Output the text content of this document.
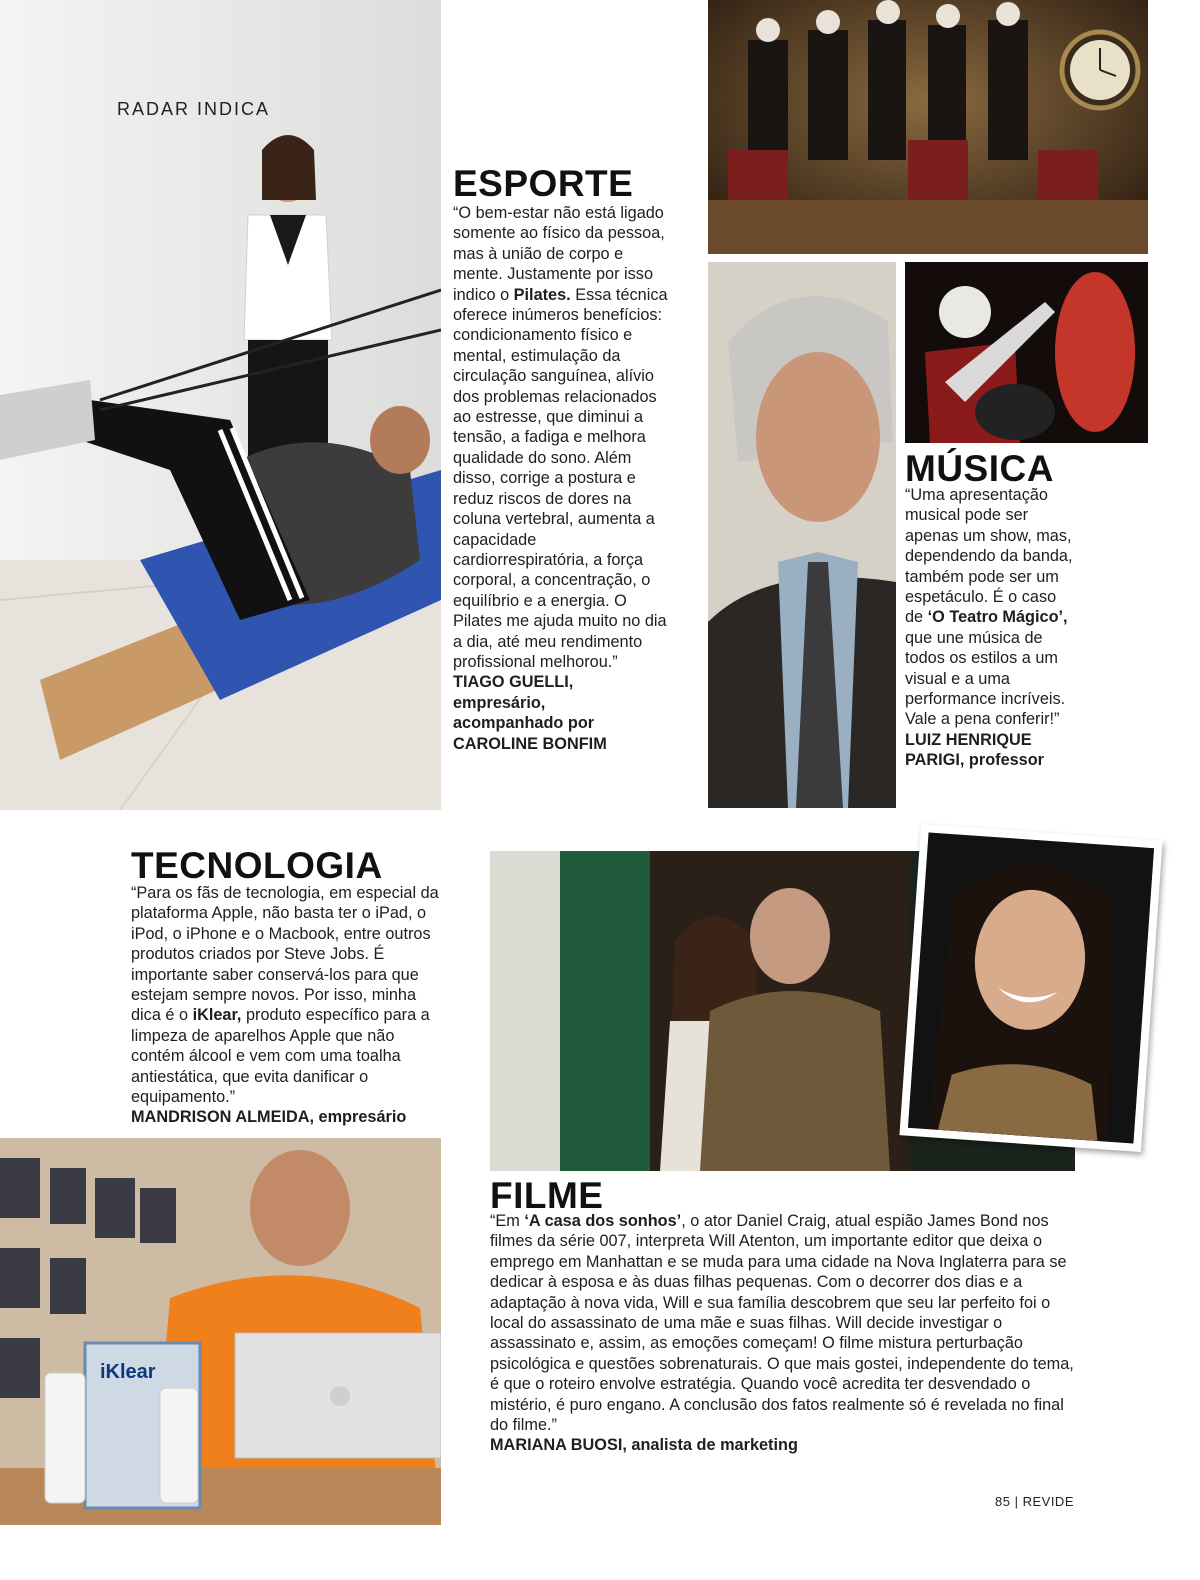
RADAR INDICA
ESPORTE
“O bem-estar não está ligado somente ao físico da pessoa, mas à união de corpo e mente. Justamente por isso indico o Pilates. Essa técnica oferece inúmeros benefícios: condicionamento físico e mental, estimulação da circulação sanguínea, alívio dos problemas relacionados ao estresse, que diminui a tensão, a fadiga e melhora qualidade do sono. Além disso, corrige a postura e reduz riscos de dores na coluna vertebral, aumenta a capacidade cardiorrespiratória, a força corporal, a concentração, o equilíbrio e a energia. O Pilates me ajuda muito no dia a dia, até meu rendimento profissional melhorou.”
TIAGO GUELLI, empresário, acompanhado por CAROLINE BONFIM
MÚSICA
“Uma apresentação musical pode ser apenas um show, mas, dependendo da banda, também pode ser um espetáculo. É o caso de ‘O Teatro Mágico’, que une música de todos os estilos a um visual e a uma performance incríveis. Vale a pena conferir!”
LUIZ HENRIQUE PARIGI, professor
TECNOLOGIA
“Para os fãs de tecnologia, em especial da plataforma Apple, não basta ter o iPad, o iPod, o iPhone e o Macbook, entre outros produtos criados por Steve Jobs. É importante saber conservá-los para que estejam sempre novos. Por isso, minha dica é o iKlear, produto específico para a limpeza de aparelhos Apple que não contém álcool e vem com uma toalha antiestática, que evita danificar o equipamento.”
MANDRISON ALMEIDA, empresário
iKlear
FILME
“Em ‘A casa dos sonhos’, o ator Daniel Craig, atual espião James Bond nos filmes da série 007, interpreta Will Atenton, um importante editor que deixa o emprego em Manhattan e se muda para uma cidade na Nova Inglaterra para se dedicar à esposa e às duas filhas pequenas. Com o decorrer dos dias e a adaptação à nova vida, Will e sua família descobrem que seu lar perfeito foi o local do assassinato de uma mãe e suas filhas. Will decide investigar o assassinato e, assim, as emoções começam! O filme mistura perturbação psicológica e questões sobrenaturais. O que mais gostei, independente do tema, é que o roteiro envolve estratégia. Quando você acredita ter desvendado o mistério, é puro engano. A conclusão dos fatos realmente só é revelada no final do filme.”
MARIANA BUOSI, analista de marketing
85 | REVIDE
